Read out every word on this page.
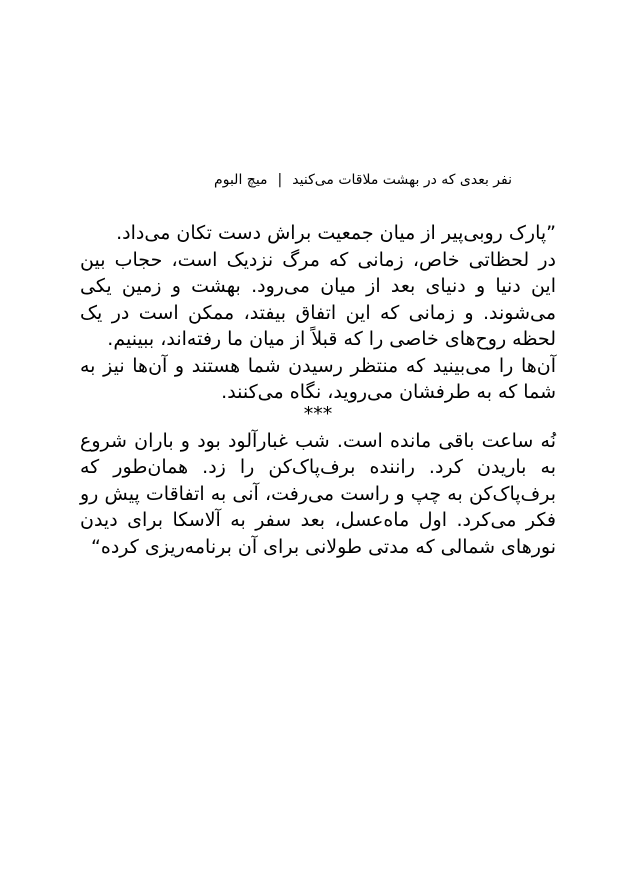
نفر بعدی که در بهشت ملاقات می‌کنید|میچ البوم

”پارک روبی‌پیر از میان جمعیت براش دست تکان می‌داد.

در لحظاتی خاص، زمانی که مرگ نزدیک است، حجاب بین این دنیا و دنیای بعد از میان می‌رود. بهشت و زمین یکی می‌شوند. و زمانی که این اتفاق بیفتد، ممکن است در یک لحظه روح‌های خاصی را که قبلاً از میان ما رفته‌اند، ببینیم.

آن‌ها را می‌بینید که منتظر رسیدن شما هستند و آن‌ها نیز به شما که به طرفشان می‌روید، نگاه می‌کنند.

***

نُه ساعت باقی مانده است. شب غبارآلود بود و باران شروع به باریدن کرد. راننده برف‌پاک‌کن را زد. همان‌طور که برف‌پاک‌کن به چپ و راست می‌رفت، آنی به اتفاقات پیش رو فکر می‌کرد. اول ماه‌عسل، بعد سفر به آلاسکا برای دیدن نورهای شمالی که مدتی طولانی برای آن برنامه‌ریزی کرده“
